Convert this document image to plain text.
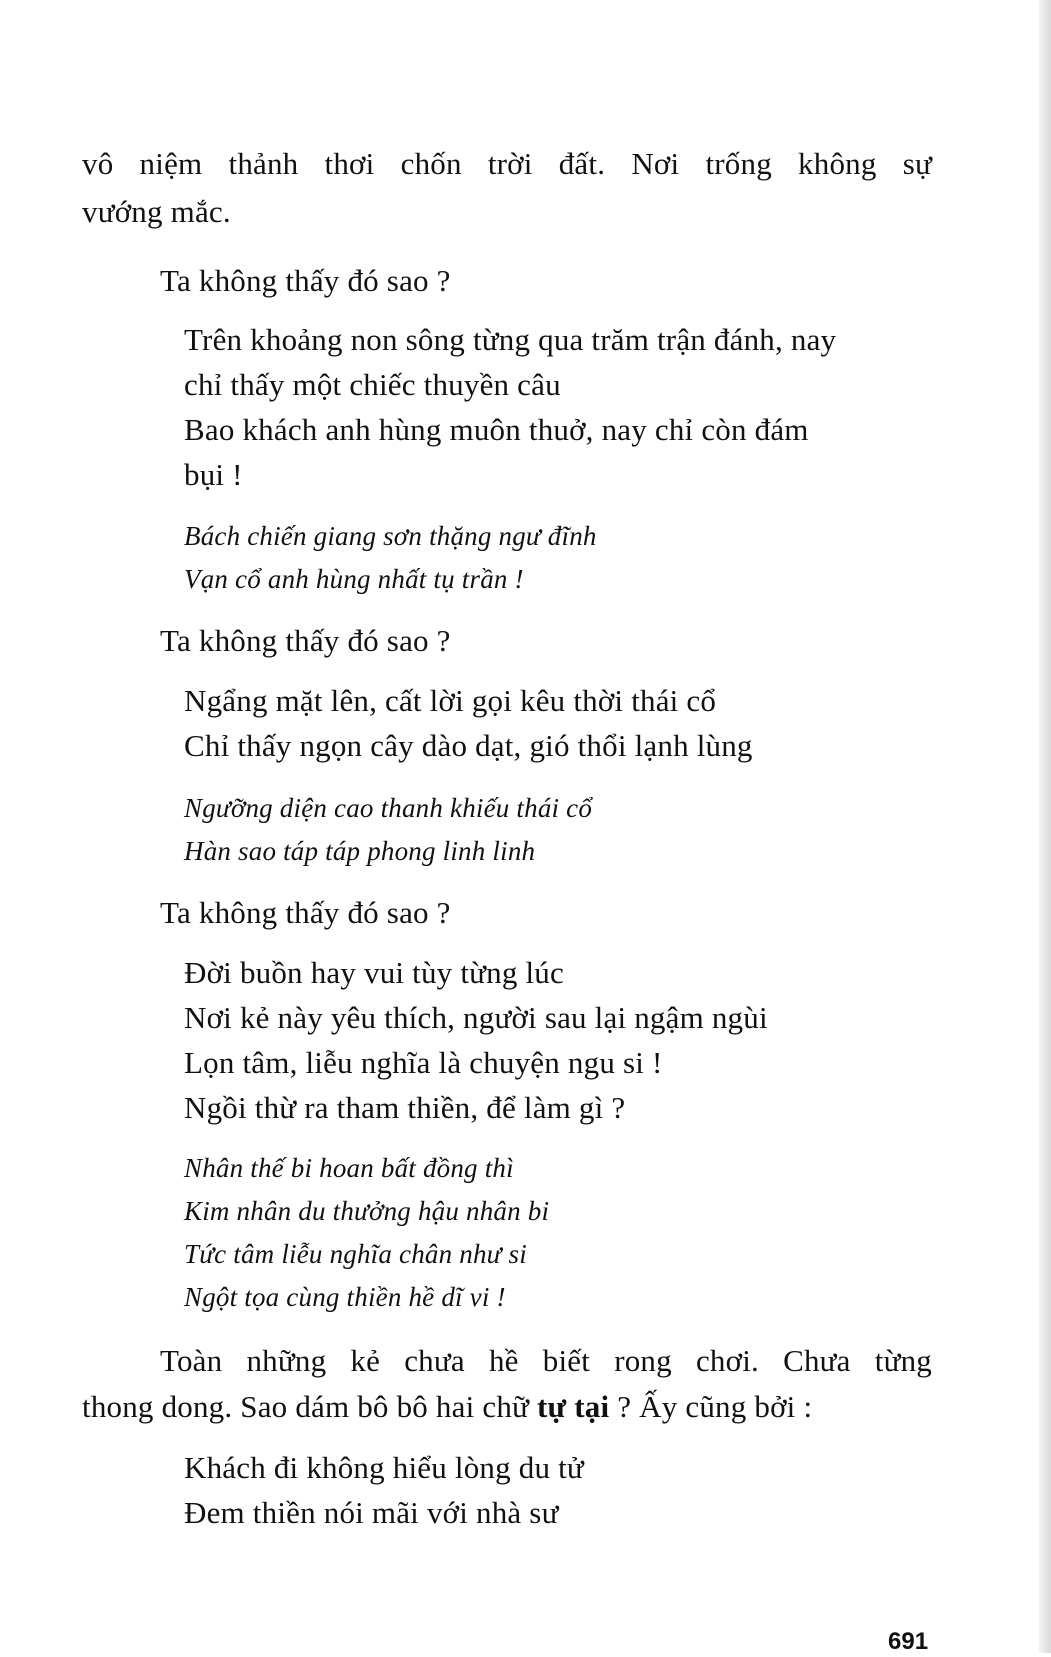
vô niệm thảnh thơi chốn trời đất. Nơi trống không sự

vướng mắc.

Ta không thấy đó sao ?

Trên khoảng non sông từng qua trăm trận đánh, nay

chỉ thấy một chiếc thuyền câu

Bao khách anh hùng muôn thuở, nay chỉ còn đám

bụi !

Bách chiến giang sơn thặng ngư đĩnh

Vạn cổ anh hùng nhất tụ trần !

Ta không thấy đó sao ?

Ngẩng mặt lên, cất lời gọi kêu thời thái cổ

Chỉ thấy ngọn cây dào dạt, gió thổi lạnh lùng

Ngưỡng diện cao thanh khiếu thái cổ

Hàn sao táp táp phong linh linh

Ta không thấy đó sao ?

Đời buồn hay vui tùy từng lúc

Nơi kẻ này yêu thích, người sau lại ngậm ngùi

Lọn tâm, liễu nghĩa là chuyện ngu si !

Ngồi thừ ra tham thiền, để làm gì ?

Nhân thế bi hoan bất đồng thì

Kim nhân du thưởng hậu nhân bi

Tức tâm liễu nghĩa chân như si

Ngột tọa cùng thiền hề dĩ vi !

Toàn những kẻ chưa hề biết rong chơi. Chưa từng

thong dong. Sao dám bô bô hai chữ tự tại ? Ấy cũng bởi :

Khách đi không hiểu lòng du tử

Đem thiền nói mãi với nhà sư

691
